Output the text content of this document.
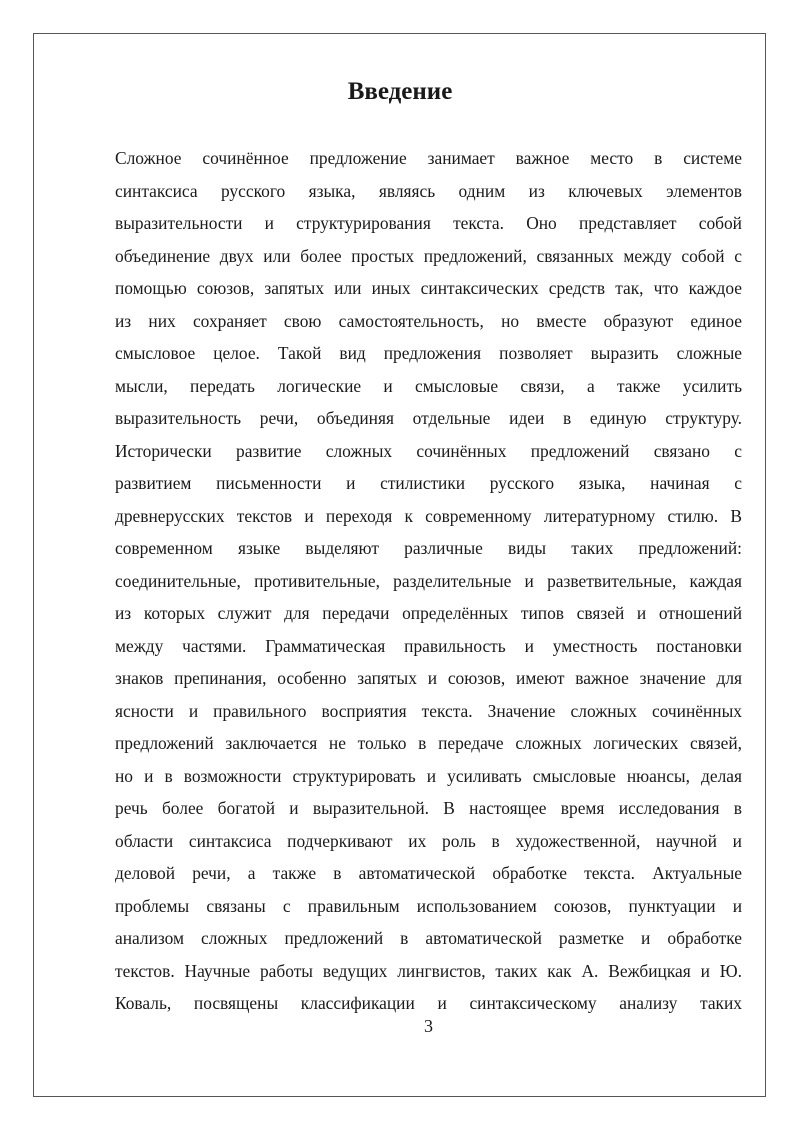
Введение
Сложное сочинённое предложение занимает важное место в системе
синтаксиса русского языка, являясь одним из ключевых элементов
выразительности и структурирования текста. Оно представляет собой
объединение двух или более простых предложений, связанных между собой с
помощью союзов, запятых или иных синтаксических средств так, что каждое
из них сохраняет свою самостоятельность, но вместе образуют единое
смысловое целое. Такой вид предложения позволяет выразить сложные
мысли, передать логические и смысловые связи, а также усилить
выразительность речи, объединяя отдельные идеи в единую структуру.
Исторически развитие сложных сочинённых предложений связано с
развитием письменности и стилистики русского языка, начиная с
древнерусских текстов и переходя к современному литературному стилю. В
современном языке выделяют различные виды таких предложений:
соединительные, противительные, разделительные и разветвительные, каждая
из которых служит для передачи определённых типов связей и отношений
между частями. Грамматическая правильность и уместность постановки
знаков препинания, особенно запятых и союзов, имеют важное значение для
ясности и правильного восприятия текста. Значение сложных сочинённых
предложений заключается не только в передаче сложных логических связей,
но и в возможности структурировать и усиливать смысловые нюансы, делая
речь более богатой и выразительной. В настоящее время исследования в
области синтаксиса подчеркивают их роль в художественной, научной и
деловой речи, а также в автоматической обработке текста. Актуальные
проблемы связаны с правильным использованием союзов, пунктуации и
анализом сложных предложений в автоматической разметке и обработке
текстов. Научные работы ведущих лингвистов, таких как А. Вежбицкая и Ю.
Коваль, посвящены классификации и синтаксическому анализу таких
3
